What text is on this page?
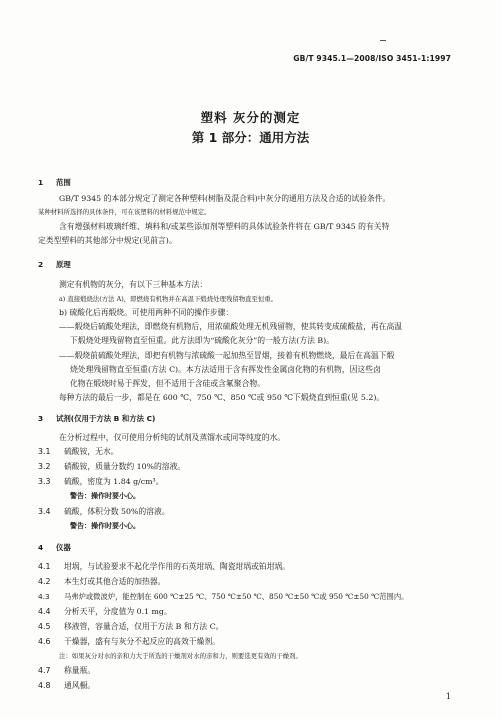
GB/T 9345.1—2008/ISO 3451-1:1997
塑料 灰分的测定
第 1 部分：通用方法
1 范围
GB/T 9345 的本部分规定了测定各种塑料(树脂及混合料)中灰分的通用方法及合适的试验条件。
某种材料所选择的具体条件，可在该塑料的材料规范中规定。
含有增强材料玻璃纤维、填料和/或某些添加剂等塑料的具体试验条件将在 GB/T 9345 的有关特
定类型塑料的其他部分中规定(见前言)。
2 原理
测定有机物的灰分，有以下三种基本方法：
a) 直接煅烧法(方法 A)，即燃烧有机物并在高温下煅烧处理残留物直至恒重。
b) 硫酸化后再煅烧。可使用两种不同的操作步骤：
——煅烧后硫酸处理法，即燃烧有机物后，用浓硫酸处理无机残留物，使其转变成硫酸盐，再在高温
下煅烧处理残留物直至恒重。此方法即为“硫酸化灰分”的一般方法(方法 B)。
——煅烧前硫酸处理法，即把有机物与浓硫酸一起加热至冒烟，接着有机物燃烧，最后在高温下煅
烧处理残留物直至恒重(方法 C)。本方法适用于含有挥发性金属卤化物的有机物，因这些卤
化物在煅烧时易于挥发，但不适用于含硅或含氟聚合物。
每种方法的最后一步，都是在 600 ℃、750 ℃、850 ℃或 950 ℃下煅烧直到恒重(见 5.2)。
3 试剂(仅用于方法 B 和方法 C)
在分析过程中，仅可使用分析纯的试剂及蒸馏水或同等纯度的水。
3.1 硫酸铵，无水。
3.2 硝酸铵，质量分数约 10%的溶液。
3.3 硫酸，密度为 1.84 g/cm³。
警告：操作时要小心。
3.4 硫酸，体积分数 50%的溶液。
警告：操作时要小心。
4 仪器
4.1 坩埚，与试验要求不起化学作用的石英坩埚、陶瓷坩埚或铂坩埚。
4.2 本生灯或其他合适的加热器。
4.3 马弗炉或微波炉，能控制在 600 ℃±25 ℃、750 ℃±50 ℃、850 ℃±50 ℃或 950 ℃±50 ℃范围内。
4.4 分析天平，分度值为 0.1 mg。
4.5 移液管，容量合适，仅用于方法 B 和方法 C。
4.6 干燥器，盛有与灰分不起反应的高效干燥剂。
注：如果灰分对水的亲和力大于所选的干燥剂对水的亲和力，则要选更有效的干燥剂。
4.7 称量瓶。
4.8 通风橱。
1
